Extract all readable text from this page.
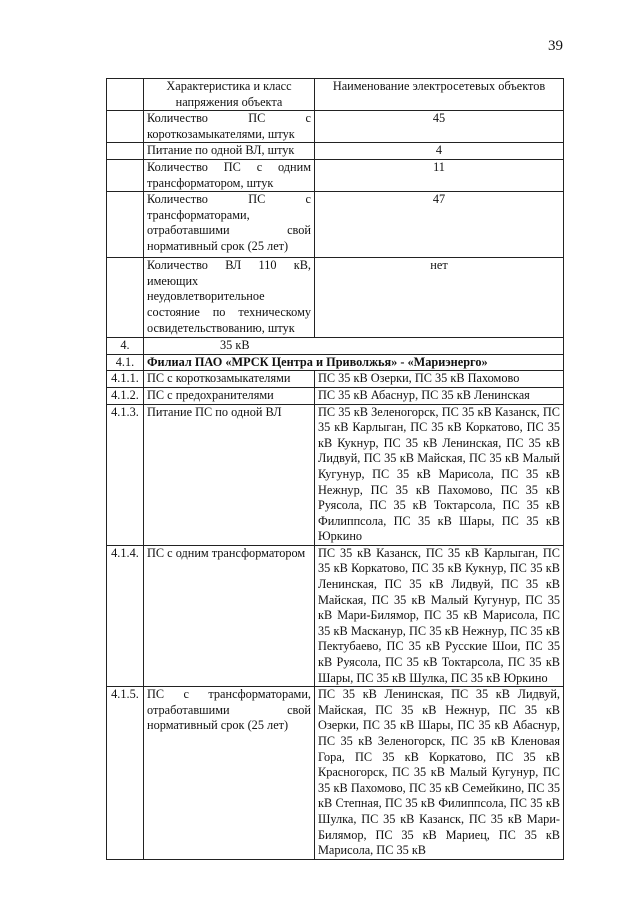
39
	Характеристика и класс напряжения объекта	Наименование электросетевых объектов
	Количество ПС с короткозамыкателями, штук	45
	Питание по одной ВЛ, штук	4
	Количество ПС с одним трансформатором, штук	11
	Количество ПС с трансформаторами, отработавшими свой нормативный срок (25 лет)	47
	Количество ВЛ 110 кВ, имеющих неудовлетворительное состояние по техническому освидетельствованию, штук	нет
4.	35 кВ	
4.1.	Филиал ПАО «МРСК Центра и Приволжья» - «Мариэнерго»	
4.1.1.	ПС с короткозамыкателями	ПС 35 кВ Озерки, ПС 35 кВ Пахомово
4.1.2.	ПС с предохранителями	ПС 35 кВ Абаснур, ПС 35 кВ Ленинская
4.1.3.	Питание ПС по одной ВЛ	ПС 35 кВ Зеленогорск, ПС 35 кВ Казанск, ПС 35 кВ Карлыган, ПС 35 кВ Коркатово, ПС 35 кВ Кукнур, ПС 35 кВ Ленинская, ПС 35 кВ Лидвуй, ПС 35 кВ Майская, ПС 35 кВ Малый Кугунур, ПС 35 кВ Марисола, ПС 35 кВ Нежнур, ПС 35 кВ Пахомово, ПС 35 кВ Руясола, ПС 35 кВ Токтарсола, ПС 35 кВ Филиппсола, ПС 35 кВ Шары, ПС 35 кВ Юркино
4.1.4.	ПС с одним трансформатором	ПС 35 кВ Казанск, ПС 35 кВ Карлыган, ПС 35 кВ Коркатово, ПС 35 кВ Кукнур, ПС 35 кВ Ленинская, ПС 35 кВ Лидвуй, ПС 35 кВ Майская, ПС 35 кВ Малый Кугунур, ПС 35 кВ Мари-Билямор, ПС 35 кВ Марисола, ПС 35 кВ Масканур, ПС 35 кВ Нежнур, ПС 35 кВ Пектубаево, ПС 35 кВ Русские Шои, ПС 35 кВ Руясола, ПС 35 кВ Токтарсола, ПС 35 кВ Шары, ПС 35 кВ Шулка, ПС 35 кВ Юркино
4.1.5.	ПС с трансформаторами, отработавшими свой нормативный срок (25 лет)	ПС 35 кВ Ленинская, ПС 35 кВ Лидвуй, Майская, ПС 35 кВ Нежнур, ПС 35 кВ Озерки, ПС 35 кВ Шары, ПС 35 кВ Абаснур, ПС 35 кВ Зеленогорск, ПС 35 кВ Кленовая Гора, ПС 35 кВ Коркатово, ПС 35 кВ Красногорск, ПС 35 кВ Малый Кугунур, ПС 35 кВ Пахомово, ПС 35 кВ Семейкино, ПС 35 кВ Степная, ПС 35 кВ Филиппсола, ПС 35 кВ Шулка, ПС 35 кВ Казанск, ПС 35 кВ Мари-Билямор, ПС 35 кВ Мариец, ПС 35 кВ Марисола, ПС 35 кВ
